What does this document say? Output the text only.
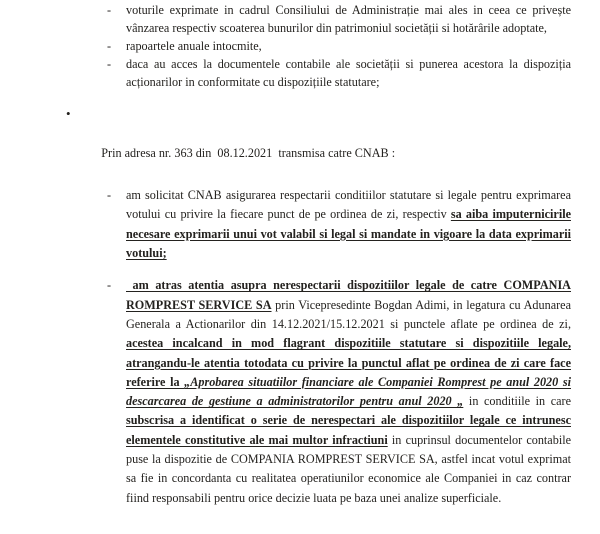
- voturile exprimate in cadrul Consiliului de Administrație mai ales in ceea ce privește vânzarea respectiv scoaterea bunurilor din patrimoniul societății si hotărârile adoptate,
- rapoartele anuale intocmite,
- daca au acces la documentele contabile ale societății si punerea acestora la dispoziția acționarilor in conformitate cu dispozițiile statutare;

•

Prin adresa nr. 363 din  08.12.2021  transmisa catre CNAB :

- am solicitat CNAB asigurarea respectarii conditiilor statutare si legale pentru exprimarea votului cu privire la fiecare punct de pe ordinea de zi, respectiv sa aiba imputernicirile necesare exprimarii unui vot valabil si legal si mandate in vigoare la data exprimarii votului;
- am atras atentia asupra nerespectarii dispozitiilor legale de catre COMPANIA ROMPREST SERVICE SA prin Vicepresedinte Bogdan Adimi, in legatura cu Adunarea Generala a Actionarilor din 14.12.2021/15.12.2021 si punctele aflate pe ordinea de zi, acestea incalcand in mod flagrant dispozitiile statutare si dispozitiile legale, atrangandu-le atentia totodata cu privire la punctul aflat pe ordinea de zi care face referire la „Aprobarea situatiilor financiare ale Companiei Romprest pe anul 2020 si descarcarea de gestiune a administratorilor pentru anul 2020 „ in conditiile in care subscrisa a identificat o serie de nerespectari ale dispozitiilor legale ce intrunesc elementele constitutive ale mai multor infractiuni in cuprinsul documentelor contabile puse la dispozitie de COMPANIA ROMPREST SERVICE SA, astfel incat votul exprimat sa fie in concordanta cu realitatea operatiunilor economice ale Companiei in caz contrar fiind responsabili pentru orice decizie luata pe baza unei analize superficiale.
